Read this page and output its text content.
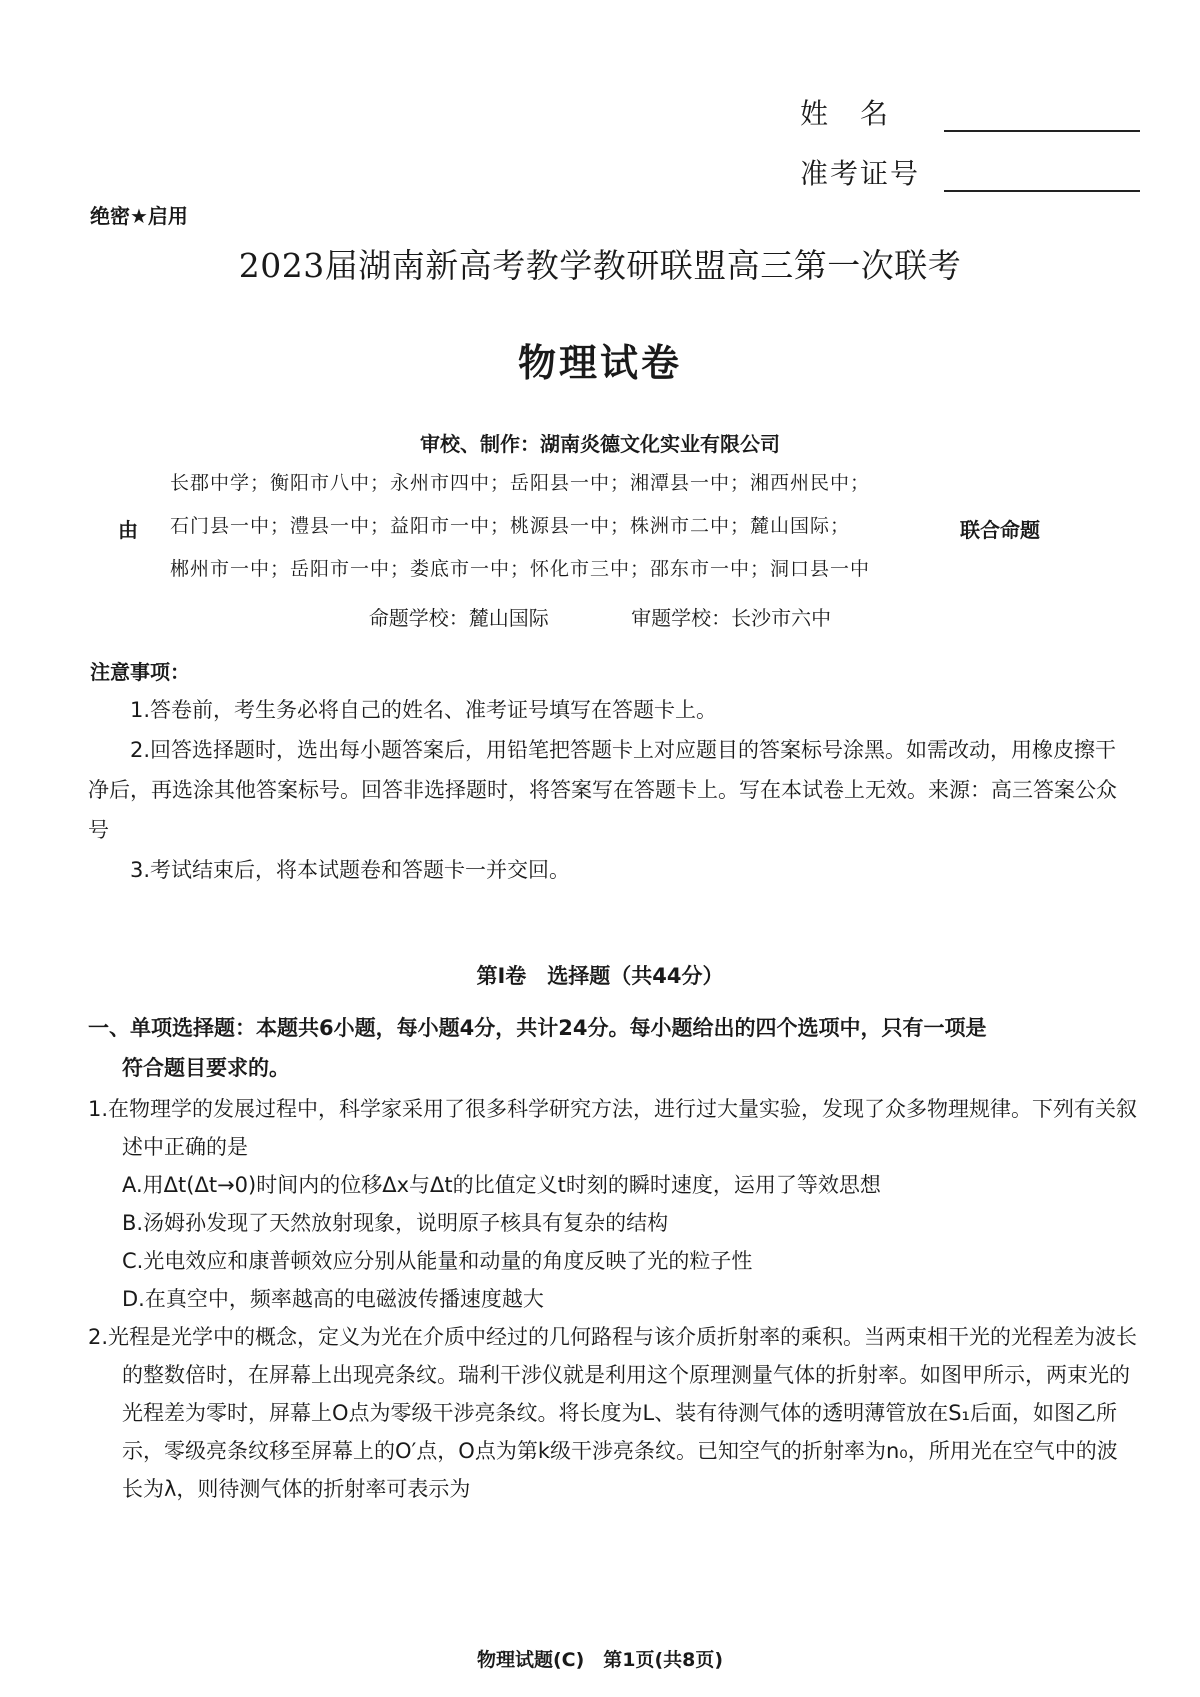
姓　名
准考证号
绝密★启用
2023届湖南新高考教学教研联盟高三第一次联考
物理试卷
审校、制作：湖南炎德文化实业有限公司
由
长郡中学；衡阳市八中；永州市四中；岳阳县一中；湘潭县一中；湘西州民中；
石门县一中；澧县一中；益阳市一中；桃源县一中；株洲市二中；麓山国际；
郴州市一中；岳阳市一中；娄底市一中；怀化市三中；邵东市一中；洞口县一中
联合命题
命题学校：麓山国际	审题学校：长沙市六中
注意事项：

1.答卷前，考生务必将自己的姓名、准考证号填写在答题卡上。

2.回答选择题时，选出每小题答案后，用铅笔把答题卡上对应题目的答案标号涂黑。如需改动，用橡皮擦干净后，再选涂其他答案标号。回答非选择题时，将答案写在答题卡上。写在本试卷上无效。来源：高三答案公众号

3.考试结束后，将本试题卷和答题卡一并交回。

第Ⅰ卷　选择题（共44分）
一、单项选择题：本题共6小题，每小题4分，共计24分。每小题给出的四个选项中，只有一项是
符合题目要求的。

1.在物理学的发展过程中，科学家采用了很多科学研究方法，进行过大量实验，发现了众多物理规律。下列有关叙述中正确的是

A.用Δt(Δt→0)时间内的位移Δx与Δt的比值定义t时刻的瞬时速度，运用了等效思想

B.汤姆孙发现了天然放射现象，说明原子核具有复杂的结构

C.光电效应和康普顿效应分别从能量和动量的角度反映了光的粒子性

D.在真空中，频率越高的电磁波传播速度越大

2.光程是光学中的概念，定义为光在介质中经过的几何路程与该介质折射率的乘积。当两束相干光的光程差为波长的整数倍时，在屏幕上出现亮条纹。瑞利干涉仪就是利用这个原理测量气体的折射率。如图甲所示，两束光的光程差为零时，屏幕上O点为零级干涉亮条纹。将长度为L、装有待测气体的透明薄管放在S₁后面，如图乙所示，零级亮条纹移至屏幕上的O′点，O点为第k级干涉亮条纹。已知空气的折射率为n₀，所用光在空气中的波长为λ，则待测气体的折射率可表示为

物理试题(C)　第1页(共8页)
